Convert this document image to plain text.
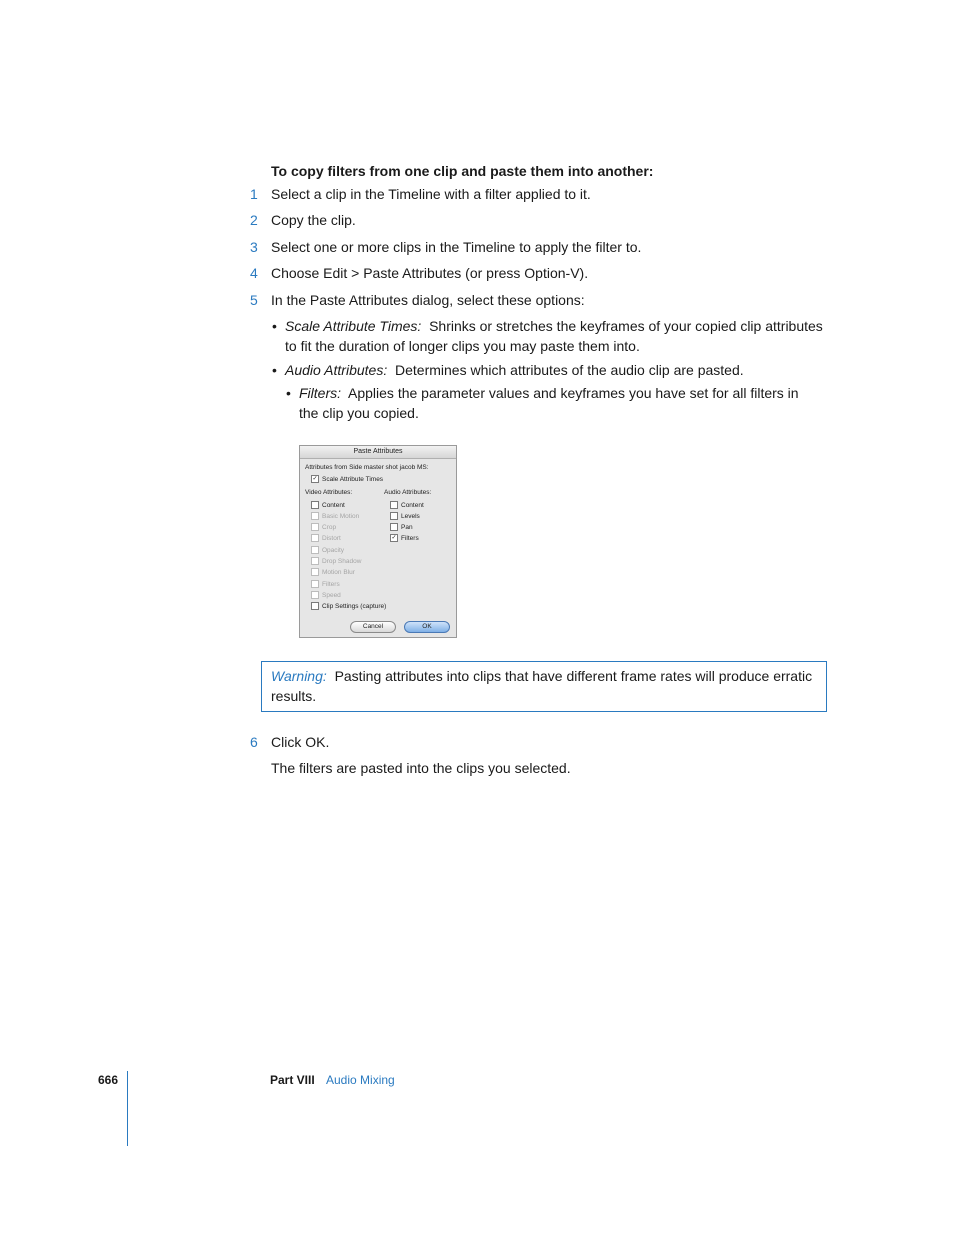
To copy filters from one clip and paste them into another:
1 Select a clip in the Timeline with a filter applied to it.
2 Copy the clip.
3 Select one or more clips in the Timeline to apply the filter to.
4 Choose Edit > Paste Attributes (or press Option-V).
5 In the Paste Attributes dialog, select these options:
• Scale Attribute Times: Shrinks or stretches the keyframes of your copied clip attributes to fit the duration of longer clips you may paste them into.
• Audio Attributes: Determines which attributes of the audio clip are pasted.
• Filters: Applies the parameter values and keyframes you have set for all filters in the clip you copied.
Paste Attributes
Attributes from Side master shot jacob MS:
✓ Scale Attribute Times
Video Attributes:	Audio Attributes:
Content
Basic Motion
Crop
Distort
Opacity
Drop Shadow
Motion Blur
Filters
Speed
Clip Settings (capture)
Content
Levels
Pan
✓ Filters
Cancel	OK
Warning: Pasting attributes into clips that have different frame rates will produce erratic results.
6 Click OK.
The filters are pasted into the clips you selected.
666	Part VIII Audio Mixing
